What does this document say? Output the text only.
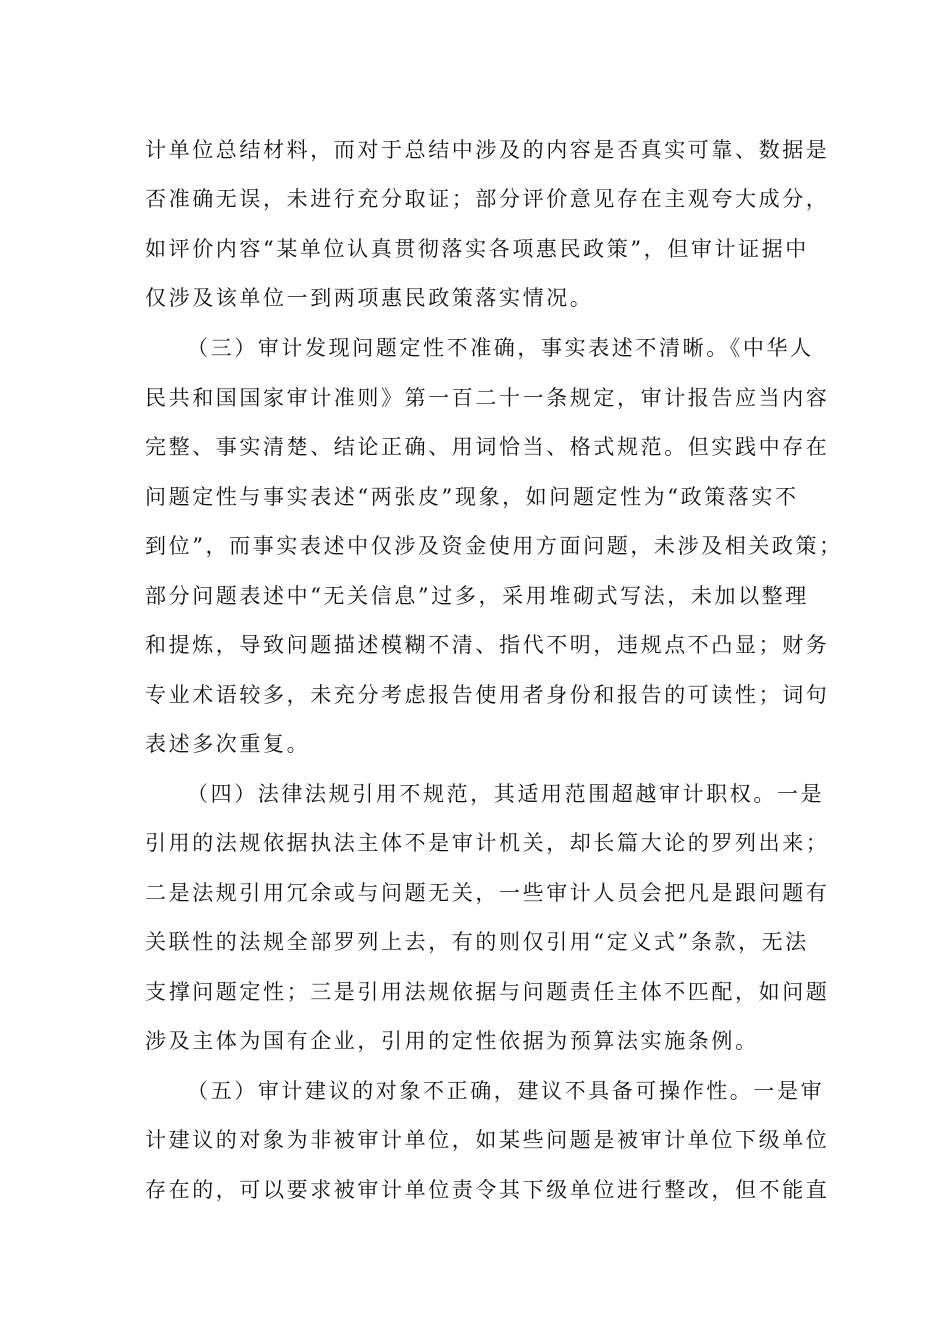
计单位总结材料，而对于总结中涉及的内容是否真实可靠、数据是
否准确无误，未进行充分取证；部分评价意见存在主观夸大成分，
如评价内容“某单位认真贯彻落实各项惠民政策”，但审计证据中
仅涉及该单位一到两项惠民政策落实情况。
（三）审计发现问题定性不准确，事实表述不清晰。《中华人
民共和国国家审计准则》第一百二十一条规定，审计报告应当内容
完整、事实清楚、结论正确、用词恰当、格式规范。但实践中存在
问题定性与事实表述“两张皮”现象，如问题定性为“政策落实不
到位”，而事实表述中仅涉及资金使用方面问题，未涉及相关政策；
部分问题表述中“无关信息”过多，采用堆砌式写法，未加以整理
和提炼，导致问题描述模糊不清、指代不明，违规点不凸显；财务
专业术语较多，未充分考虑报告使用者身份和报告的可读性；词句
表述多次重复。
（四）法律法规引用不规范，其适用范围超越审计职权。一是
引用的法规依据执法主体不是审计机关，却长篇大论的罗列出来；
二是法规引用冗余或与问题无关，一些审计人员会把凡是跟问题有
关联性的法规全部罗列上去，有的则仅引用“定义式”条款，无法
支撑问题定性；三是引用法规依据与问题责任主体不匹配，如问题
涉及主体为国有企业，引用的定性依据为预算法实施条例。
（五）审计建议的对象不正确，建议不具备可操作性。一是审
计建议的对象为非被审计单位，如某些问题是被审计单位下级单位
存在的，可以要求被审计单位责令其下级单位进行整改，但不能直
